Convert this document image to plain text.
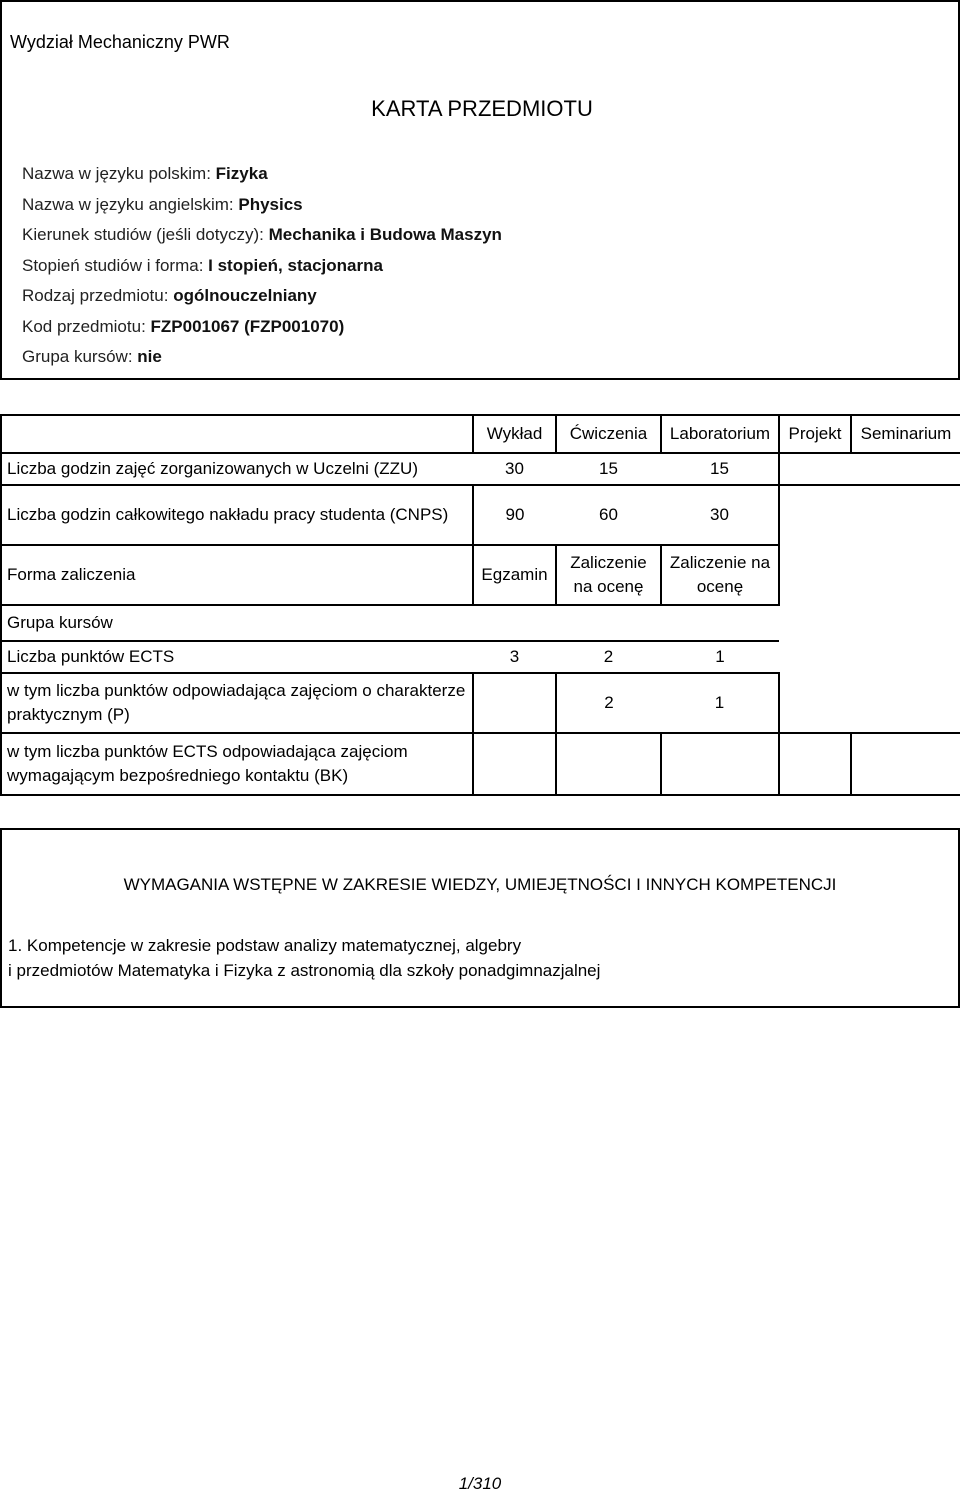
Wydział Mechaniczny PWR
KARTA PRZEDMIOTU
Nazwa w języku polskim: Fizyka
Nazwa w języku angielskim: Physics
Kierunek studiów (jeśli dotyczy): Mechanika i Budowa Maszyn
Stopień studiów i forma: I stopień, stacjonarna
Rodzaj przedmiotu: ogólnouczelniany
Kod przedmiotu: FZP001067 (FZP001070)
Grupa kursów: nie
	Wykład	Ćwiczenia	Laboratorium	Projekt	Seminarium
Liczba godzin zajęć zorganizowanych w Uczelni (ZZU)	30	15	15		
Liczba godzin całkowitego nakładu pracy studenta (CNPS)	90	60	30		
Forma zaliczenia	Egzamin	Zaliczenie na ocenę	Zaliczenie na ocenę		
Grupa kursów					
Liczba punktów ECTS	3	2	1		
w tym liczba punktów odpowiadająca zajęciom o charakterze praktycznym (P)		2	1		
w tym liczba punktów ECTS odpowiadająca zajęciom wymagającym bezpośredniego kontaktu (BK)					
WYMAGANIA WSTĘPNE W ZAKRESIE WIEDZY, UMIEJĘTNOŚCI I INNYCH KOMPETENCJI
1. Kompetencje w zakresie podstaw analizy matematycznej, algebry
i przedmiotów Matematyka i Fizyka z astronomią dla szkoły ponadgimnazjalnej
1/310
